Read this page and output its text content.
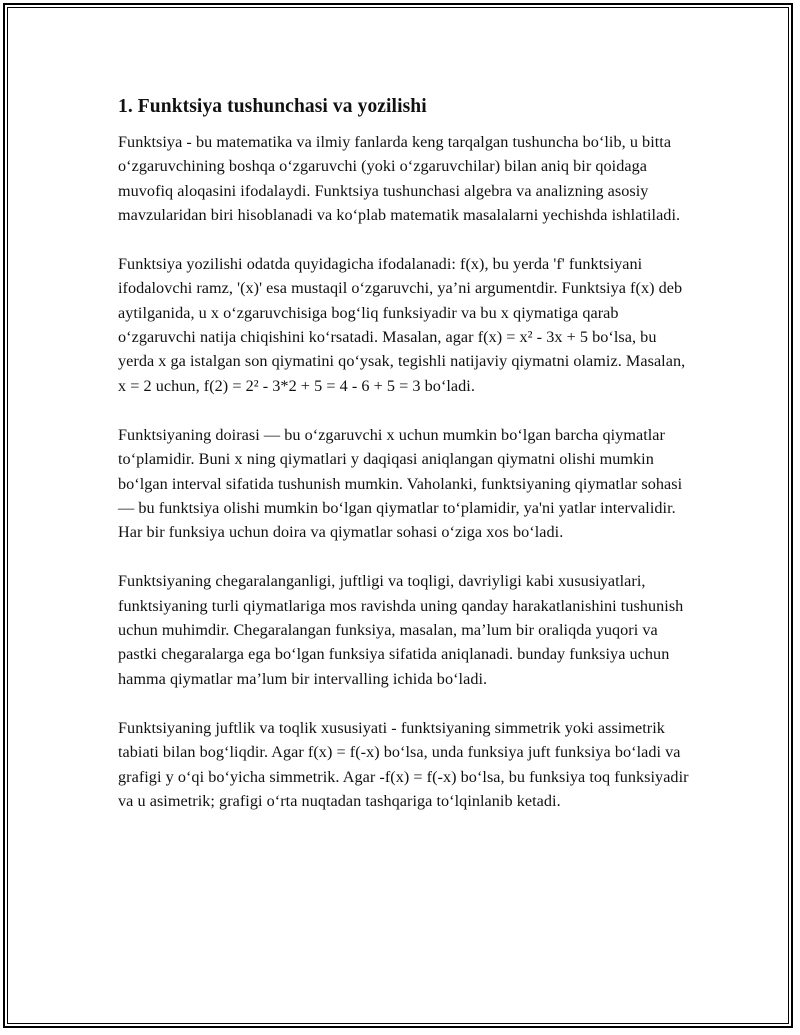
1. Funktsiya tushunchasi va yozilishi

Funktsiya - bu matematika va ilmiy fanlarda keng tarqalgan tushuncha bo‘lib, u bitta o‘zgaruvchining boshqa o‘zgaruvchi (yoki o‘zgaruvchilar) bilan aniq bir qoidaga muvofiq aloqasini ifodalaydi. Funktsiya tushunchasi algebra va analizning asosiy mavzularidan biri hisoblanadi va ko‘plab matematik masalalarni yechishda ishlatiladi.

Funktsiya yozilishi odatda quyidagicha ifodalanadi: f(x), bu yerda 'f' funktsiyani ifodalovchi ramz, '(x)' esa mustaqil o‘zgaruvchi, ya’ni argumentdir. Funktsiya f(x) deb aytilganida, u x o‘zgaruvchisiga bog‘liq funksiyadir va bu x qiymatiga qarab o‘zgaruvchi natija chiqishini ko‘rsatadi. Masalan, agar f(x) = x² - 3x + 5 bo‘lsa, bu yerda x ga istalgan son qiymatini qo‘ysak, tegishli natijaviy qiymatni olamiz. Masalan, x = 2 uchun, f(2) = 2² - 3*2 + 5 = 4 - 6 + 5 = 3 bo‘ladi.

Funktsiyaning doirasi — bu o‘zgaruvchi x uchun mumkin bo‘lgan barcha qiymatlar to‘plamidir. Buni x ning qiymatlari y daqiqasi aniqlangan qiymatni olishi mumkin bo‘lgan interval sifatida tushunish mumkin. Vaholanki, funktsiyaning qiymatlar sohasi — bu funktsiya olishi mumkin bo‘lgan qiymatlar to‘plamidir, ya'ni yatlar intervalidir. Har bir funksiya uchun doira va qiymatlar sohasi o‘ziga xos bo‘ladi.

Funktsiyaning chegaralanganligi, juftligi va toqligi, davriyligi kabi xususiyatlari, funktsiyaning turli qiymatlariga mos ravishda uning qanday harakatlanishini tushunish uchun muhimdir. Chegaralangan funksiya, masalan, ma’lum bir oraliqda yuqori va pastki chegaralarga ega bo‘lgan funksiya sifatida aniqlanadi. bunday funksiya uchun hamma qiymatlar ma’lum bir intervalling ichida bo‘ladi.

Funktsiyaning juftlik va toqlik xususiyati - funktsiyaning simmetrik yoki assimetrik tabiati bilan bog‘liqdir. Agar f(x) = f(-x) bo‘lsa, unda funksiya juft funksiya bo‘ladi va grafigi y o‘qi bo‘yicha simmetrik. Agar -f(x) = f(-x) bo‘lsa, bu funksiya toq funksiyadir va u asimetrik; grafigi o‘rta nuqtadan tashqariga to‘lqinlanib ketadi.
